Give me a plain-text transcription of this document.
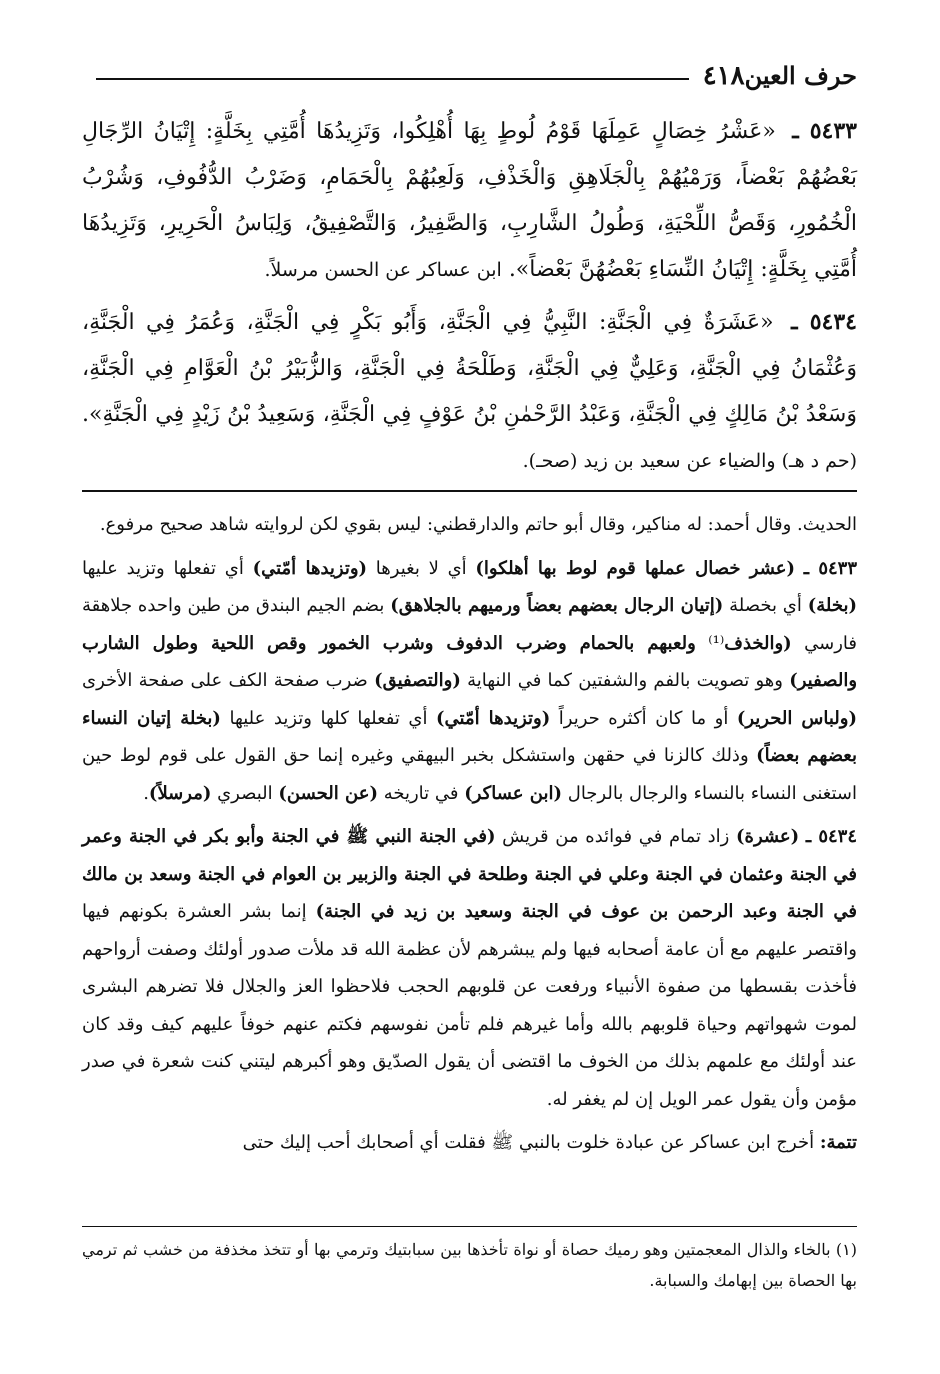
٤١٨ حرف العين

٥٤٣٣ ـ «عَشْرُ خِصَالٍ عَمِلَهَا قَوْمُ لُوطٍ بِهَا أُهْلِكُوا، وَتَزِيدُهَا أُمَّتِي بِخَلَّةٍ: إِتْيَانُ الرِّجَالِ بَعْضُهُمْ بَعْضاً، وَرَمْيُهُمْ بِالْجَلَاهِقِ وَالْخَذْفِ، وَلَعِبُهُمْ بِالْحَمَامِ، وَضَرْبُ الدُّفُوفِ، وَشُرْبُ الْخُمُورِ، وَقَصُّ اللِّحْيَةِ، وَطُولُ الشَّارِبِ، وَالصَّفِيرُ، وَالتَّصْفِيقُ، وَلِبَاسُ الْحَرِيرِ، وَتَزِيدُهَا أُمَّتِي بِخَلَّةٍ: إِتْيَانُ النِّسَاءِ بَعْضُهُنَّ بَعْضاً». ابن عساكر عن الحسن مرسلاً.

٥٤٣٤ ـ «عَشَرَةٌ فِي الْجَنَّةِ: النَّبِيُّ فِي الْجَنَّةِ، وَأَبُو بَكْرٍ فِي الْجَنَّةِ، وَعُمَرُ فِي الْجَنَّةِ، وَعُثْمَانُ فِي الْجَنَّةِ، وَعَلِيٌّ فِي الْجَنَّةِ، وَطَلْحَةُ فِي الْجَنَّةِ، وَالزُّبَيْرُ بْنُ الْعَوَّامِ فِي الْجَنَّةِ، وَسَعْدُ بْنُ مَالِكٍ فِي الْجَنَّةِ، وَعَبْدُ الرَّحْمٰنِ بْنُ عَوْفٍ فِي الْجَنَّةِ، وَسَعِيدُ بْنُ زَيْدٍ فِي الْجَنَّةِ». (حم د هـ) والضياء عن سعيد بن زيد (صحـ).

الحديث. وقال أحمد: له مناكير، وقال أبو حاتم والدارقطني: ليس بقوي لكن لروايته شاهد صحيح مرفوع.

٥٤٣٣ ـ (عشر خصال عملها قوم لوط بها أهلكوا) أي لا بغيرها (وتزيدها أمّتي) أي تفعلها وتزيد عليها (بخلة) أي بخصلة (إتيان الرجال بعضهم بعضاً ورميهم بالجلاهق) بضم الجيم البندق من طين واحده جلاهقة فارسي (والخذف⁽¹⁾ ولعبهم بالحمام وضرب الدفوف وشرب الخمور وقص اللحية وطول الشارب والصفير) وهو تصويت بالفم والشفتين كما في النهاية (والتصفيق) ضرب صفحة الكف على صفحة الأخرى (ولباس الحرير) أو ما كان أكثره حريراً (وتزيدها أمّتي) أي تفعلها كلها وتزيد عليها (بخلة إتيان النساء بعضهم بعضاً) وذلك كالزنا في حقهن واستشكل بخبر البيهقي وغيره إنما حق القول على قوم لوط حين استغنى النساء بالنساء والرجال بالرجال (ابن عساكر) في تاريخه (عن الحسن) البصري (مرسلاً).

٥٤٣٤ ـ (عشرة) زاد تمام في فوائده من قريش (في الجنة النبي ﷺ في الجنة وأبو بكر في الجنة وعمر في الجنة وعثمان في الجنة وعلي في الجنة وطلحة في الجنة والزبير بن العوام في الجنة وسعد بن مالك في الجنة وعبد الرحمن بن عوف في الجنة وسعيد بن زيد في الجنة) إنما بشر العشرة بكونهم فيها واقتصر عليهم مع أن عامة أصحابه فيها ولم يبشرهم لأن عظمة الله قد ملأت صدور أولئك وصفت أرواحهم فأخذت بقسطها من صفوة الأنبياء ورفعت عن قلوبهم الحجب فلاحظوا العز والجلال فلا تضرهم البشرى لموت شهواتهم وحياة قلوبهم بالله وأما غيرهم فلم تأمن نفوسهم فكتم عنهم خوفاً عليهم كيف وقد كان عند أولئك مع علمهم بذلك من الخوف ما اقتضى أن يقول الصدّيق وهو أكبرهم ليتني كنت شعرة في صدر مؤمن وأن يقول عمر الويل إن لم يغفر له.

تتمة: أخرج ابن عساكر عن عبادة خلوت بالنبي ﷺ فقلت أي أصحابك أحب إليك حتى

(١) بالخاء والذال المعجمتين وهو رميك حصاة أو نواة تأخذها بين سبابتيك وترمي بها أو تتخذ مخذفة من خشب ثم ترمي بها الحصاة بين إبهامك والسبابة.
